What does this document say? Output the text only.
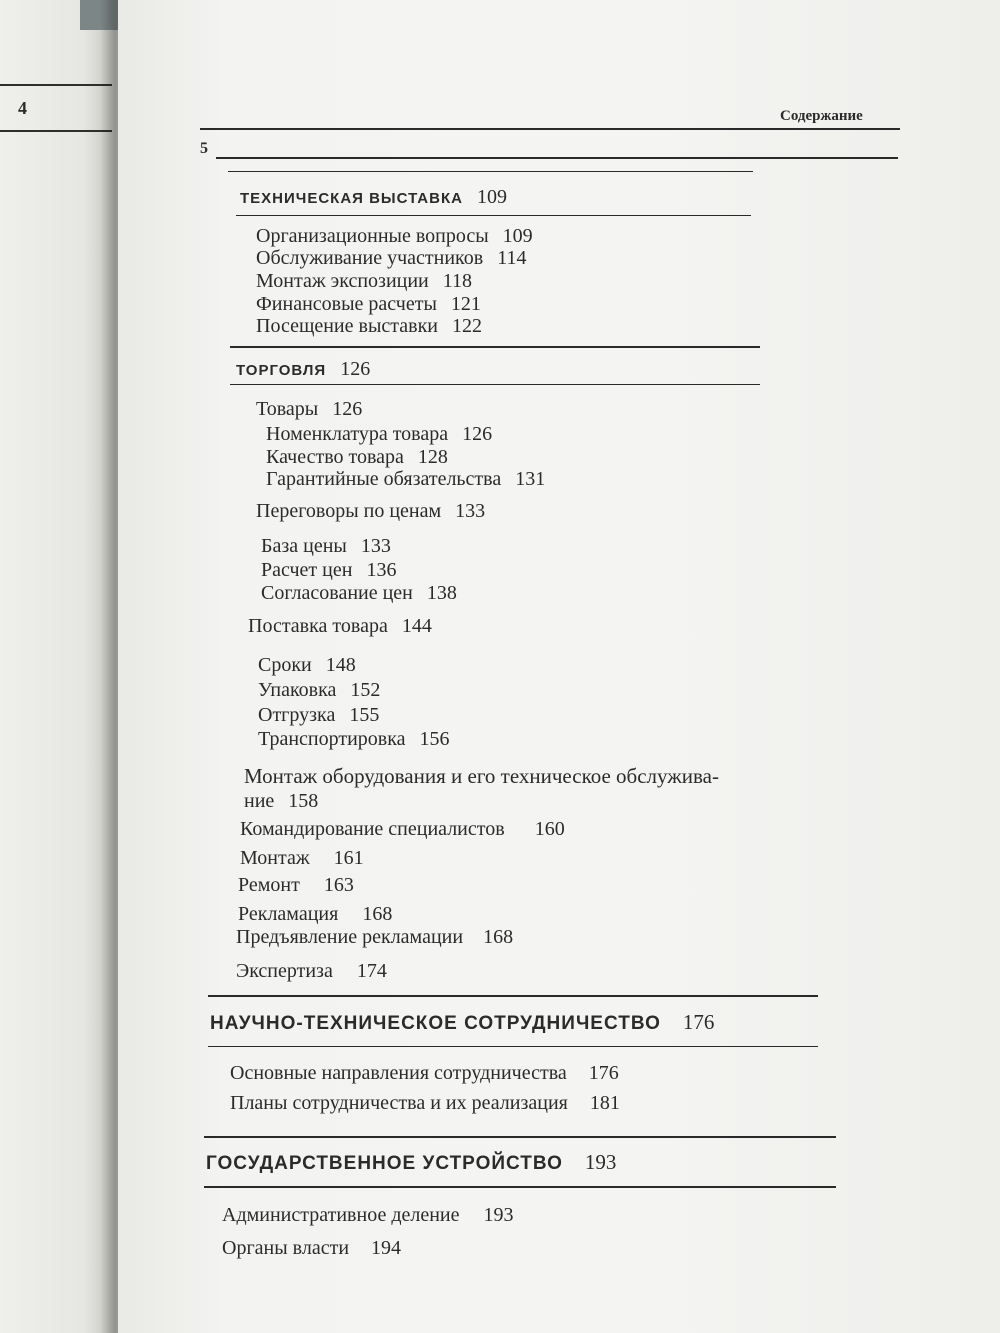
4	Содержание
5
ТЕХНИЧЕСКАЯ ВЫСТАВКА 109
Организационные вопросы 109
Обслуживание участников 114
Монтаж экспозиции 118
Финансовые расчеты 121
Посещение выставки 122
ТОРГОВЛЯ 126
Товары 126
Номенклатура товара 126
Качество товара 128
Гарантийные обязательства 131
Переговоры по ценам 133
База цены 133
Расчет цен 136
Согласование цен 138
Поставка товара 144
Сроки 148
Упаковка 152
Отгрузка 155
Транспортировка 156
Монтаж оборудования и его техническое обслужива-
ние 158
Командирование специалистов 160
Монтаж 161
Ремонт 163
Рекламация 168
Предъявление рекламации 168
Экспертиза 174
НАУЧНО-ТЕХНИЧЕСКОЕ СОТРУДНИЧЕСТВО 176
Основные направления сотрудничества 176
Планы сотрудничества и их реализация 181
ГОСУДАРСТВЕННОЕ УСТРОЙСТВО 193
Административное деление 193
Органы власти 194
